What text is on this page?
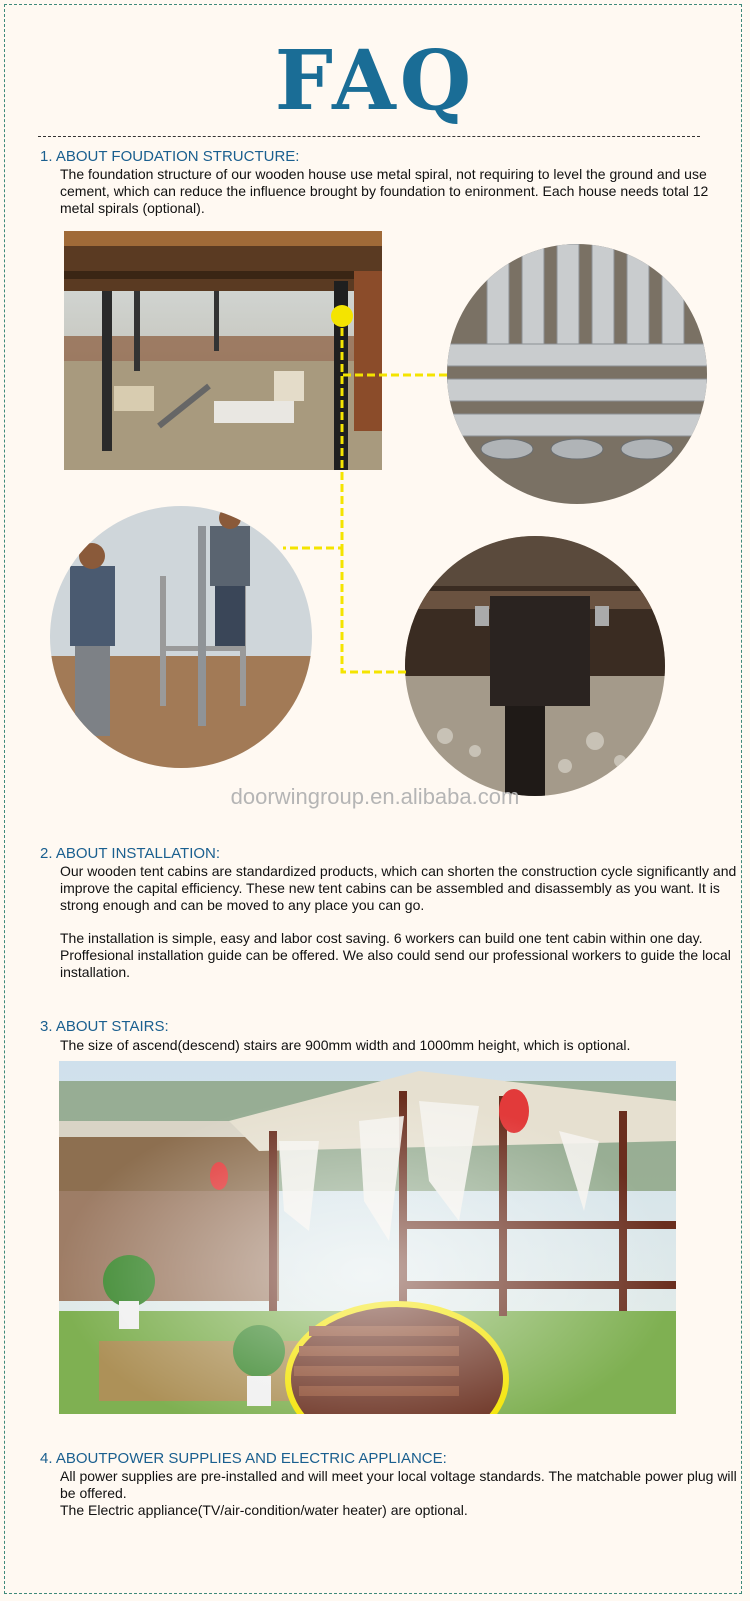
FAQ
1. ABOUT FOUDATION STRUCTURE:

The foundation structure of our wooden house use metal spiral, not requiring to level the ground and use cement, which can reduce the influence brought by foundation to enironment. Each house needs total 12 metal spirals (optional).

doorwingroup.en.alibaba.com
2. ABOUT INSTALLATION:

Our wooden tent cabins are standardized products, which can shorten the construction cycle significantly and improve the capital efficiency. These new tent cabins can be assembled and disassembly as you want. It is strong enough and can be moved to any place you can go.

The installation is simple, easy and labor cost saving. 6 workers can build one tent cabin within one day. Proffesional installation guide can be offered. We also could send our professional workers to guide the local installation.

3. ABOUT STAIRS:

The size of ascend(descend) stairs are 900mm width and 1000mm height, which is optional.

4. ABOUTPOWER SUPPLIES AND ELECTRIC APPLIANCE:

All power supplies are pre-installed and will meet your local voltage standards. The matchable power plug will be offered.

The Electric appliance(TV/air-condition/water heater) are optional.
